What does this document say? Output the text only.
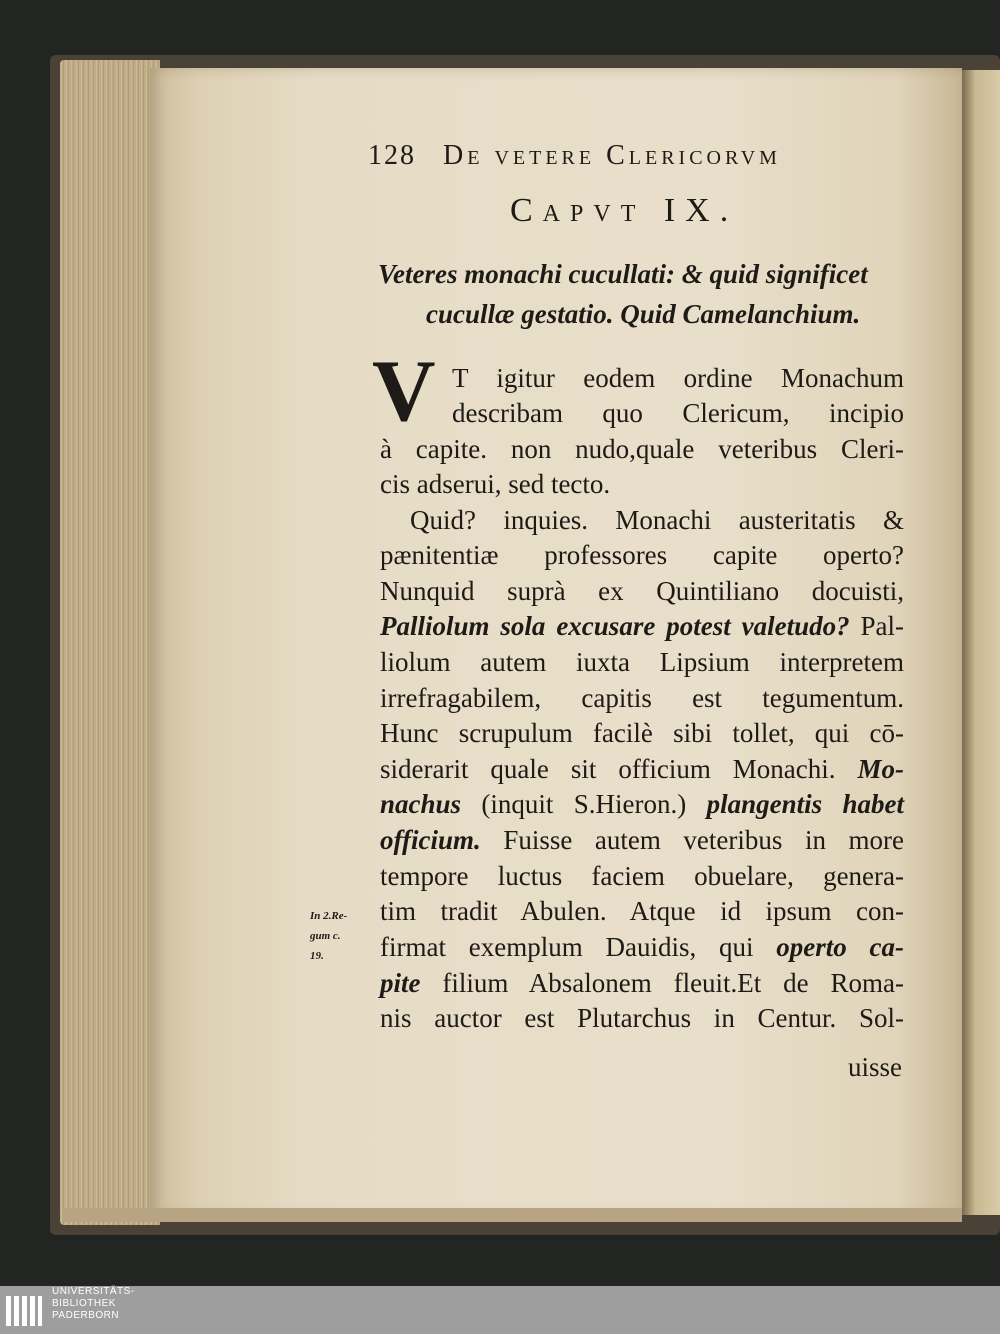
128 De vetere Clericorvm
Capvt IX.
Veteres monachi cucullati: & quid significet
cucullæ gestatio. Quid Camelanchium.
V T igitur eodem ordine Monachum
describam quo Clericum, incipio
à capite. non nudo,quale veteribus Cleri-
cis adserui, sed tecto.
Quid? inquies. Monachi austeritatis &
pænitentiæ professores capite operto?
Nunquid suprà ex Quintiliano docuisti,
Palliolum sola excusare potest valetudo? Pal-
liolum autem iuxta Lipsium interpretem
irrefragabilem, capitis est tegumentum.
Hunc scrupulum facilè sibi tollet, qui cō-
siderarit quale sit officium Monachi. Mo-
nachus (inquit S.Hieron.) plangentis habet
officium. Fuisse autem veteribus in more
tempore luctus faciem obuelare, genera-
tim tradit Abulen. Atque id ipsum con-
firmat exemplum Dauidis, qui operto ca-
pite filium Absalonem fleuit.Et de Roma-
nis auctor est Plutarchus in Centur. Sol-
In 2.Re-
gum c.
19.
uisse
UNIVERSITÄTS-
BIBLIOTHEK
PADERBORN
